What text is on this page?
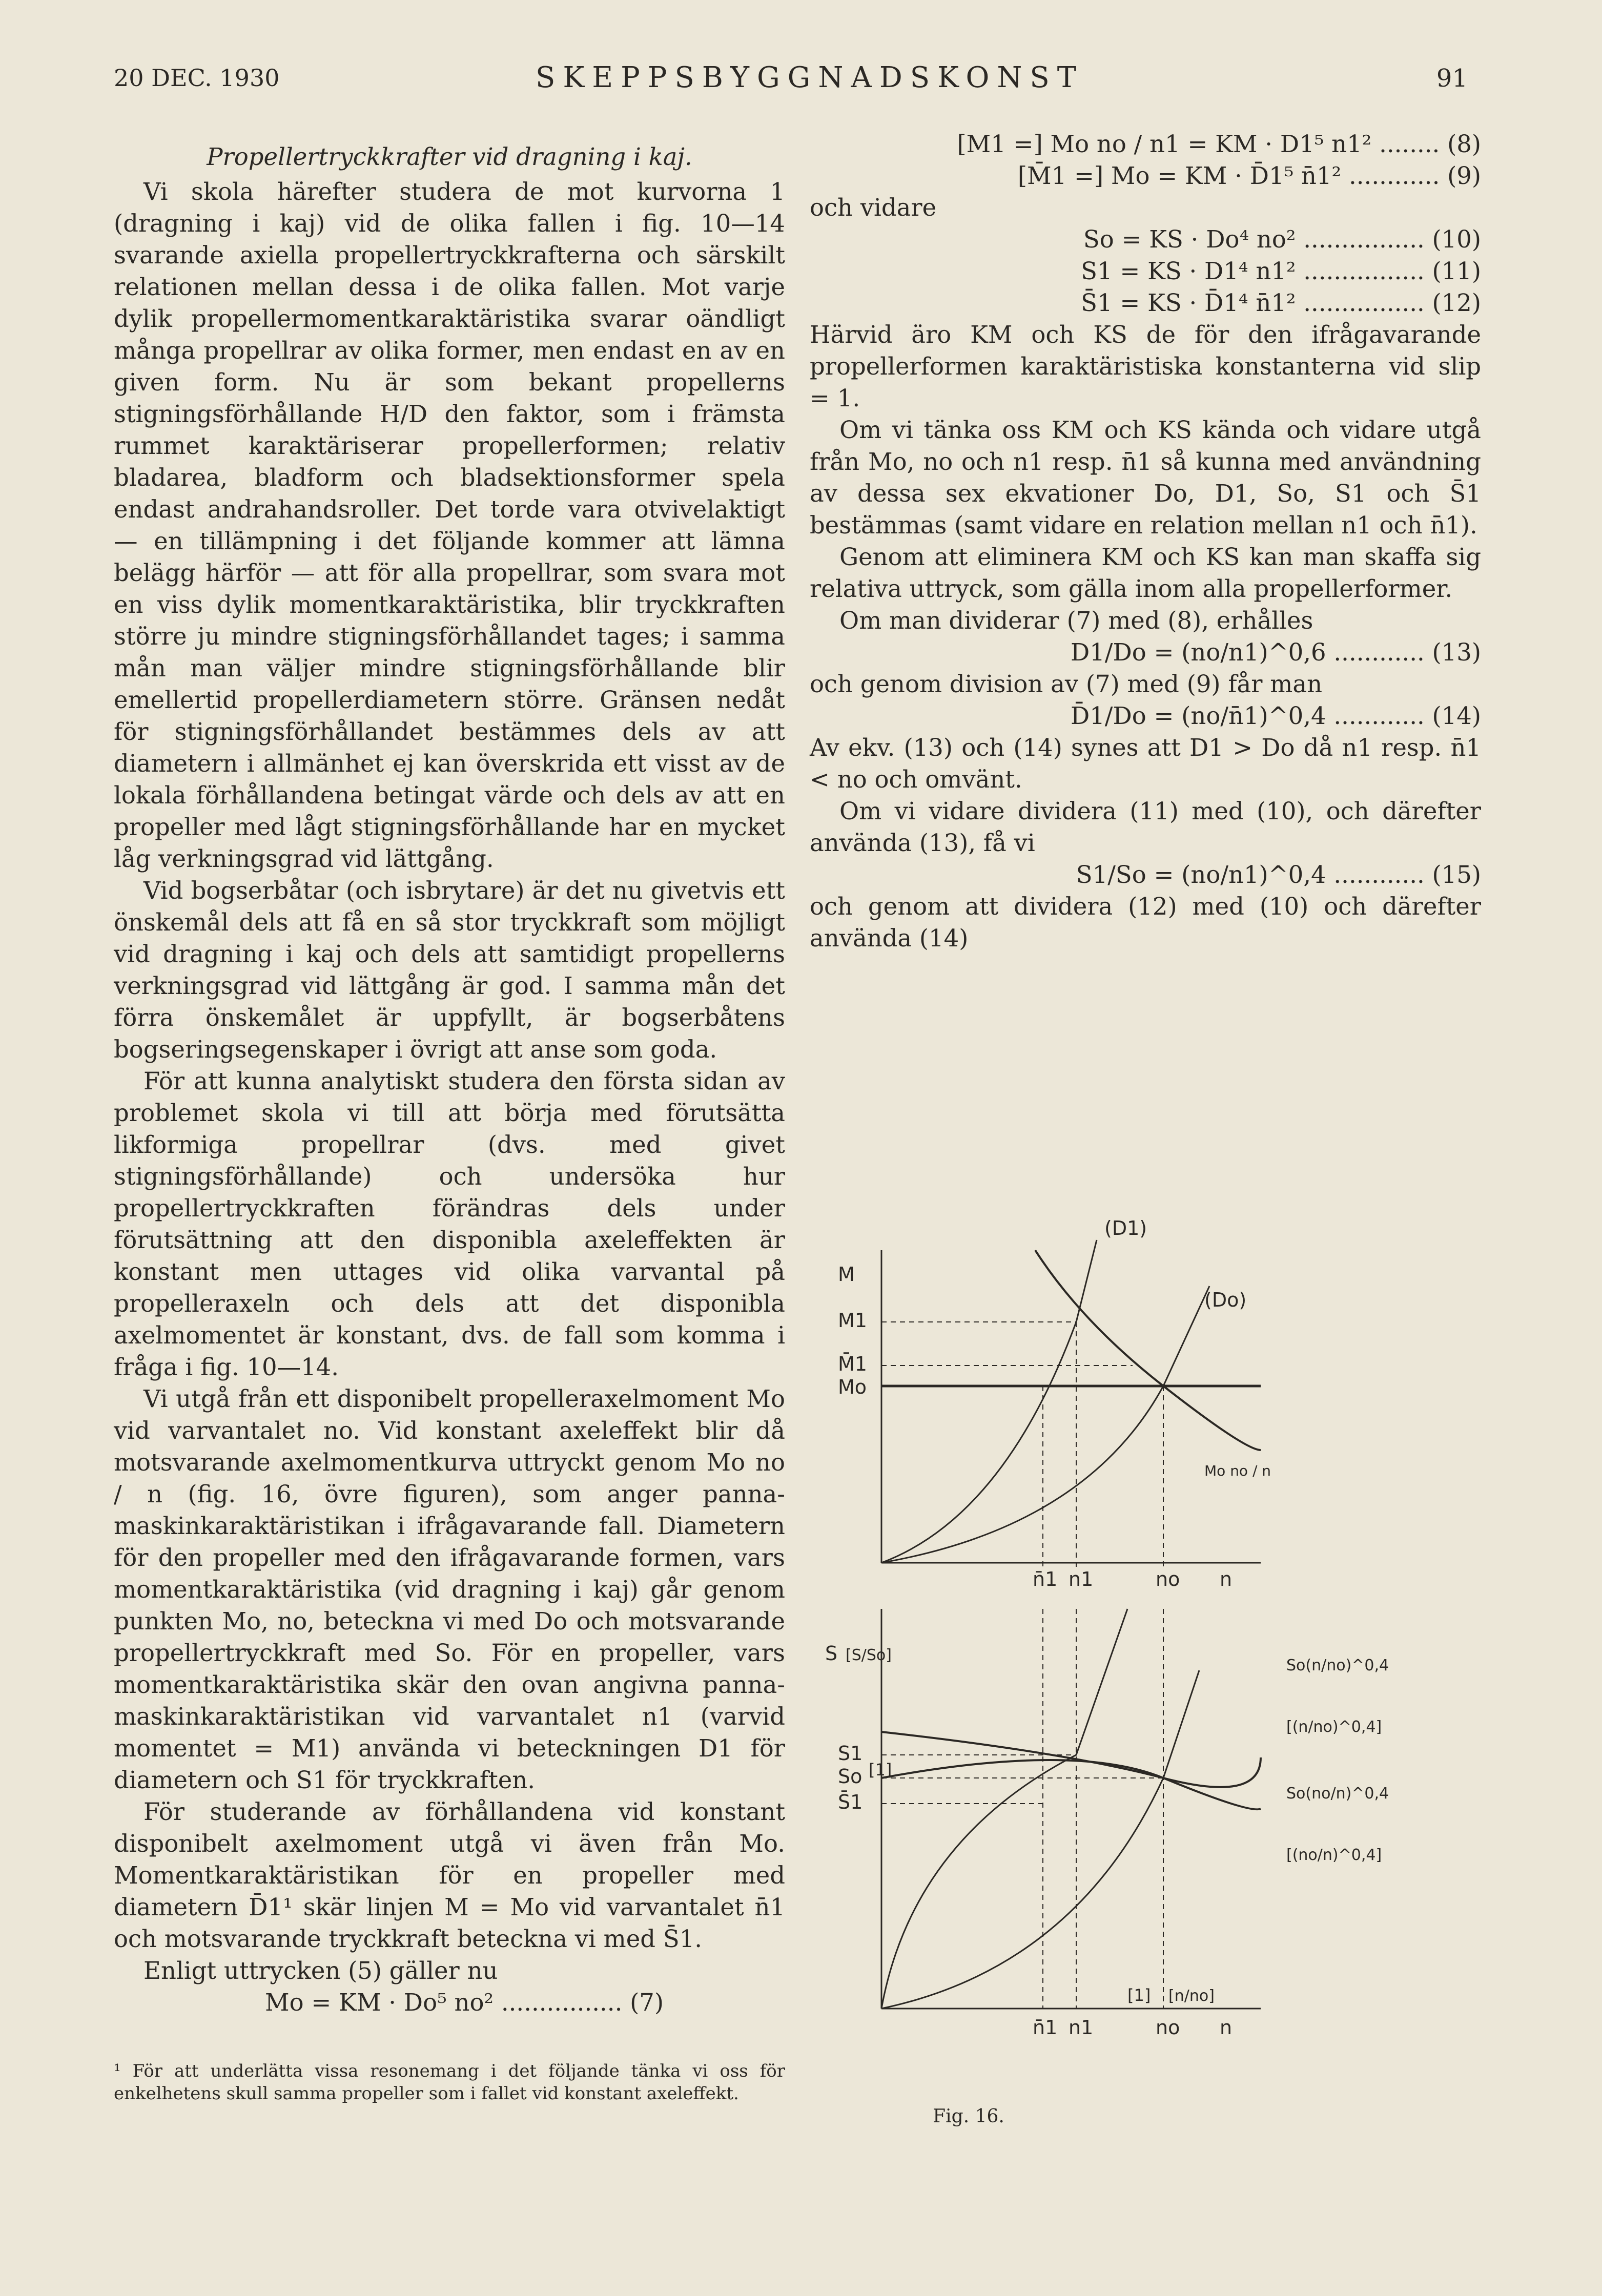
20 DEC. 1930	SKEPPSBYGGNADSKONST	91

Propellertryckkrafter vid dragning i kaj.

Vi skola härefter studera de mot kurvorna 1 (dragning i kaj) vid de olika fallen i fig. 10—14 svarande axiella propellertryckkrafterna och särskilt relationen mellan dessa i de olika fallen. Mot varje dylik propellermomentkaraktäristika svarar oändligt många propellrar av olika former, men endast en av en given form. Nu är som bekant propellerns stigningsförhållande H/D den faktor, som i främsta rummet karaktäriserar propellerformen; relativ bladarea, bladform och bladsektionsformer spela endast andrahandsroller. Det torde vara otvivelaktigt — en tillämpning i det följande kommer att lämna belägg härför — att för alla propellrar, som svara mot en viss dylik momentkaraktäristika, blir tryckkraften större ju mindre stigningsförhållandet tages; i samma mån man väljer mindre stigningsförhållande blir emellertid propellerdiametern större. Gränsen nedåt för stigningsförhållandet bestämmes dels av att diametern i allmänhet ej kan överskrida ett visst av de lokala förhållandena betingat värde och dels av att en propeller med lågt stigningsförhållande har en mycket låg verkningsgrad vid lättgång.

Vid bogserbåtar (och isbrytare) är det nu givetvis ett önskemål dels att få en så stor tryckkraft som möjligt vid dragning i kaj och dels att samtidigt propellerns verkningsgrad vid lättgång är god. I samma mån det förra önskemålet är uppfyllt, är bogserbåtens bogseringsegenskaper i övrigt att anse som goda.

För att kunna analytiskt studera den första sidan av problemet skola vi till att börja med förutsätta likformiga propellrar (dvs. med givet stigningsförhållande) och undersöka hur propellertryckkraften förändras dels under förutsättning att den disponibla axeleffekten är konstant men uttages vid olika varvantal på propelleraxeln och dels att det disponibla axelmomentet är konstant, dvs. de fall som komma i fråga i fig. 10—14.

Vi utgå från ett disponibelt propelleraxelmoment Mo vid varvantalet no. Vid konstant axeleffekt blir då motsvarande axelmomentkurva uttryckt genom Mo no / n (fig. 16, övre figuren), som anger panna-maskinkaraktäristikan i ifrågavarande fall. Diametern för den propeller med den ifrågavarande formen, vars momentkaraktäristika (vid dragning i kaj) går genom punkten Mo, no, beteckna vi med Do och motsvarande propellertryckkraft med So. För en propeller, vars momentkaraktäristika skär den ovan angivna panna-maskinkaraktäristikan vid varvantalet n1 (varvid momentet = M1) använda vi beteckningen D1 för diametern och S1 för tryckkraften.

För studerande av förhållandena vid konstant disponibelt axelmoment utgå vi även från Mo. Momentkaraktäristikan för en propeller med diametern D̄1¹ skär linjen M = Mo vid varvantalet n̄1 och motsvarande tryckkraft beteckna vi med S̄1.

Enligt uttrycken (5) gäller nu

Mo = KM · Do⁵ no² ................ (7)

¹ För att underlätta vissa resonemang i det följande tänka vi oss för enkelhetens skull samma propeller som i fallet vid konstant axeleffekt.

[M1 =] Mo no / n1 = KM · D1⁵ n1² ........ (8)

[M̄1 =] Mo = KM · D̄1⁵ n̄1² ............ (9)

och vidare

So = KS · Do⁴ no² ................ (10)

S1 = KS · D1⁴ n1² ................ (11)

S̄1 = KS · D̄1⁴ n̄1² ................ (12)

Härvid äro KM och KS de för den ifrågavarande propellerformen karaktäristiska konstanterna vid slip = 1.

Om vi tänka oss KM och KS kända och vidare utgå från Mo, no och n1 resp. n̄1 så kunna med användning av dessa sex ekvationer Do, D1, So, S1 och S̄1 bestämmas (samt vidare en relation mellan n1 och n̄1).

Genom att eliminera KM och KS kan man skaffa sig relativa uttryck, som gälla inom alla propellerformer.

Om man dividerar (7) med (8), erhålles

D1/Do = (no/n1)^0,6 ............ (13)

och genom division av (7) med (9) får man

D̄1/Do = (no/n̄1)^0,4 ............ (14)

Av ekv. (13) och (14) synes att D1 > Do då n1 resp. n̄1 < no och omvänt.

Om vi vidare dividera (11) med (10), och därefter använda (13), få vi

S1/So = (no/n1)^0,4 ............ (15)

och genom att dividera (12) med (10) och därefter använda (14)

M
M1
M̄1
Mo
(D1)
(Do)
Mo no / n
n̄1 n1	no n
S [S/So]
S1
So
S̄1
[1]
[1] [n/no]
n̄1 n1	no n
So(n/no)^0,4
[(n/no)^0,4]
So(no/n)^0,4
[(no/n)^0,4]
Fig. 16.
